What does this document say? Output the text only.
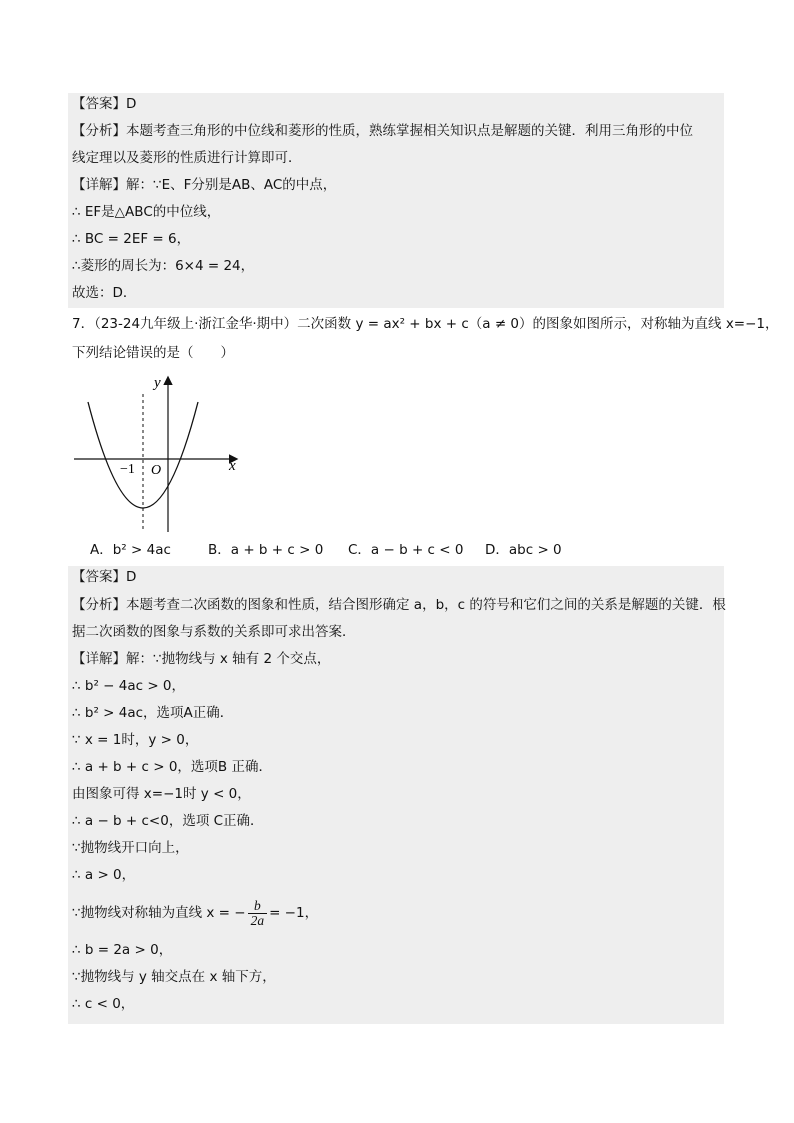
【答案】D
【分析】本题考查三角形的中位线和菱形的性质，熟练掌握相关知识点是解题的关键．利用三角形的中位
线定理以及菱形的性质进行计算即可．
【详解】解：∵E、F分别是AB、AC的中点，
∴ EF是△ABC的中位线，
∴ BC = 2EF = 6，
∴菱形的周长为：6×4 = 24，
故选：D．
7．（23-24九年级上·浙江金华·期中）二次函数 y = ax² + bx + c（a ≠ 0）的图象如图所示，对称轴为直线 x=−1，
下列结论错误的是（　　）
x
y
O
−1
A．b² > 4ac	B．a + b + c > 0 C．a − b + c < 0 D．abc > 0
【答案】D
【分析】本题考查二次函数的图象和性质，结合图形确定 a，b，c 的符号和它们之间的关系是解题的关键．根
据二次函数的图象与系数的关系即可求出答案．
【详解】解：∵抛物线与 x 轴有 2 个交点，
∴ b² − 4ac > 0，
∴ b² > 4ac，选项A正确．
∵ x = 1时，y > 0，
∴ a + b + c > 0，选项B 正确．
由图象可得 x=−1时 y < 0，
∴ a − b + c<0，选项 C正确．
∵抛物线开口向上，
∴ a > 0，
∵抛物线对称轴为直线 x = − $\frac{b}{2a} = -1$，
∴ b = 2a > 0，
∵抛物线与 y 轴交点在 x 轴下方，
∴ c < 0，
